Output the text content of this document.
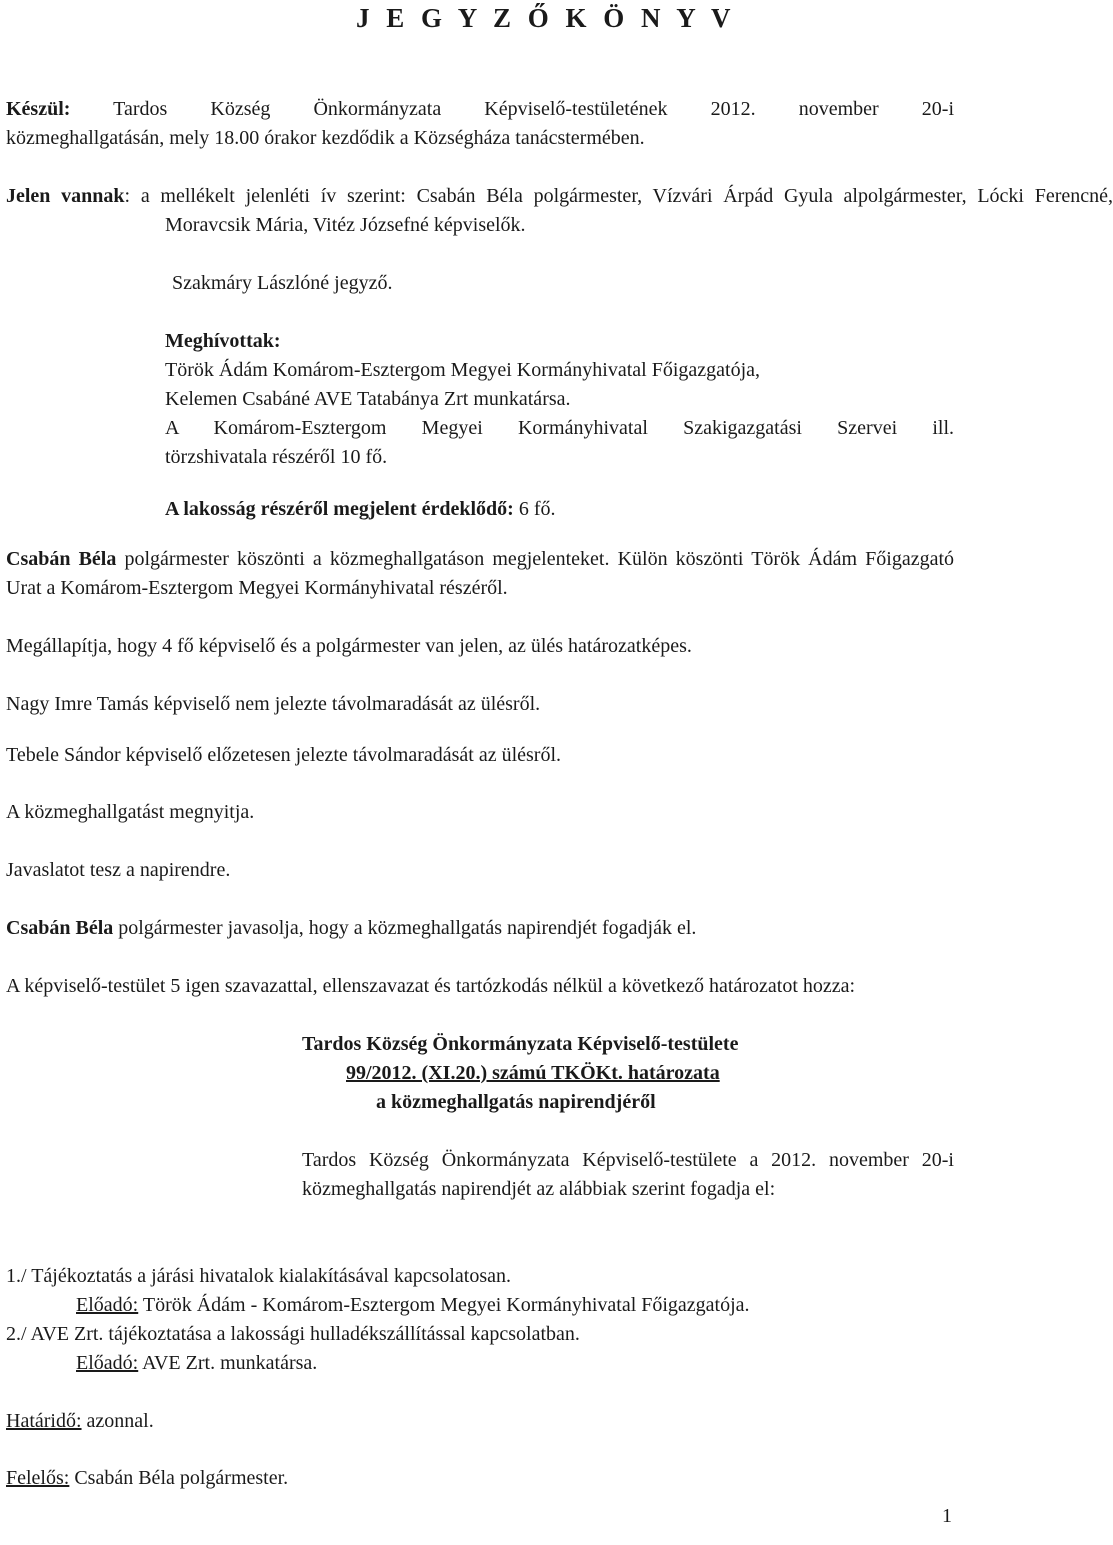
J E G Y Z Ő K Ö N Y V
Készül: Tardos Község Önkormányzata Képviselő-testületének 2012. november 20-i
közmeghallgatásán, mely 18.00 órakor kezdődik a Községháza tanácstermében.
Jelen vannak: a mellékelt jelenléti ív szerint: Csabán Béla polgármester, Vízvári Árpád Gyula alpolgármester, Lócki Ferencné, Moravcsik Mária, Vitéz Józsefné képviselők.
Szakmáry Lászlóné jegyző.
Meghívottak:
Török Ádám Komárom-Esztergom Megyei Kormányhivatal Főigazgatója,
Kelemen Csabáné AVE Tatabánya Zrt munkatársa.
A Komárom-Esztergom Megyei Kormányhivatal Szakigazgatási Szervei ill.
törzshivatala részéről 10 fő.
A lakosság részéről megjelent érdeklődő: 6 fő.
Csabán Béla polgármester köszönti a közmeghallgatáson megjelenteket. Külön köszönti Török Ádám Főigazgató Urat a Komárom-Esztergom Megyei Kormányhivatal részéről.
Megállapítja, hogy 4 fő képviselő és a polgármester van jelen, az ülés határozatképes.
Nagy Imre Tamás képviselő nem jelezte távolmaradását az ülésről.
Tebele Sándor képviselő előzetesen jelezte távolmaradását az ülésről.
A közmeghallgatást megnyitja.
Javaslatot tesz a napirendre.
Csabán Béla polgármester javasolja, hogy a közmeghallgatás napirendjét fogadják el.
A képviselő-testület 5 igen szavazattal, ellenszavazat és tartózkodás nélkül a következő határozatot hozza:
Tardos Község Önkormányzata Képviselő-testülete
99/2012. (XI.20.) számú TKÖKt. határozata
a közmeghallgatás napirendjéről
Tardos Község Önkormányzata Képviselő-testülete a 2012. november 20-i közmeghallgatás napirendjét az alábbiak szerint fogadja el:
1./ Tájékoztatás a járási hivatalok kialakításával kapcsolatosan.
Előadó: Török Ádám - Komárom-Esztergom Megyei Kormányhivatal Főigazgatója.
2./ AVE Zrt. tájékoztatása a lakossági hulladékszállítással kapcsolatban.
Előadó: AVE Zrt. munkatársa.
Határidő: azonnal.
Felelős: Csabán Béla polgármester.
1
